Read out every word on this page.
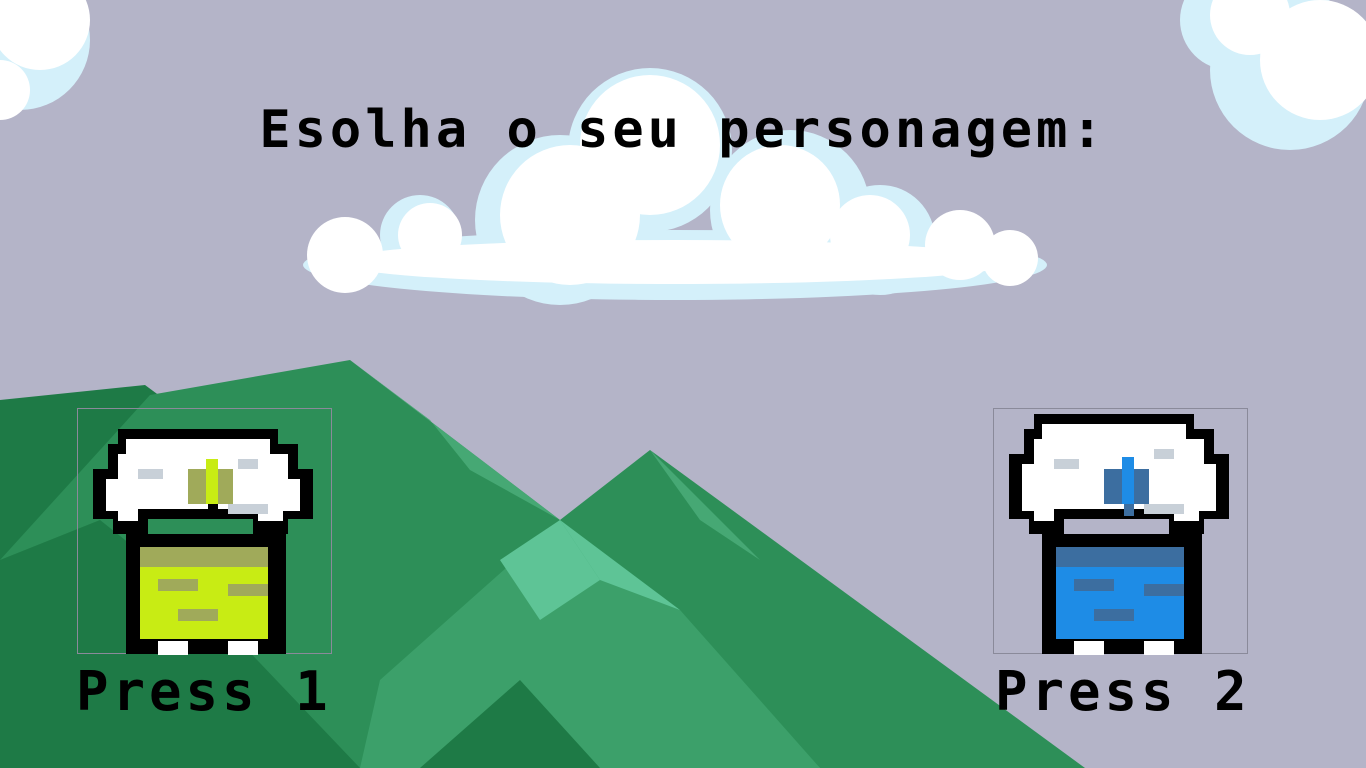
Esolha o seu personagem:
Press 1	Press 2
